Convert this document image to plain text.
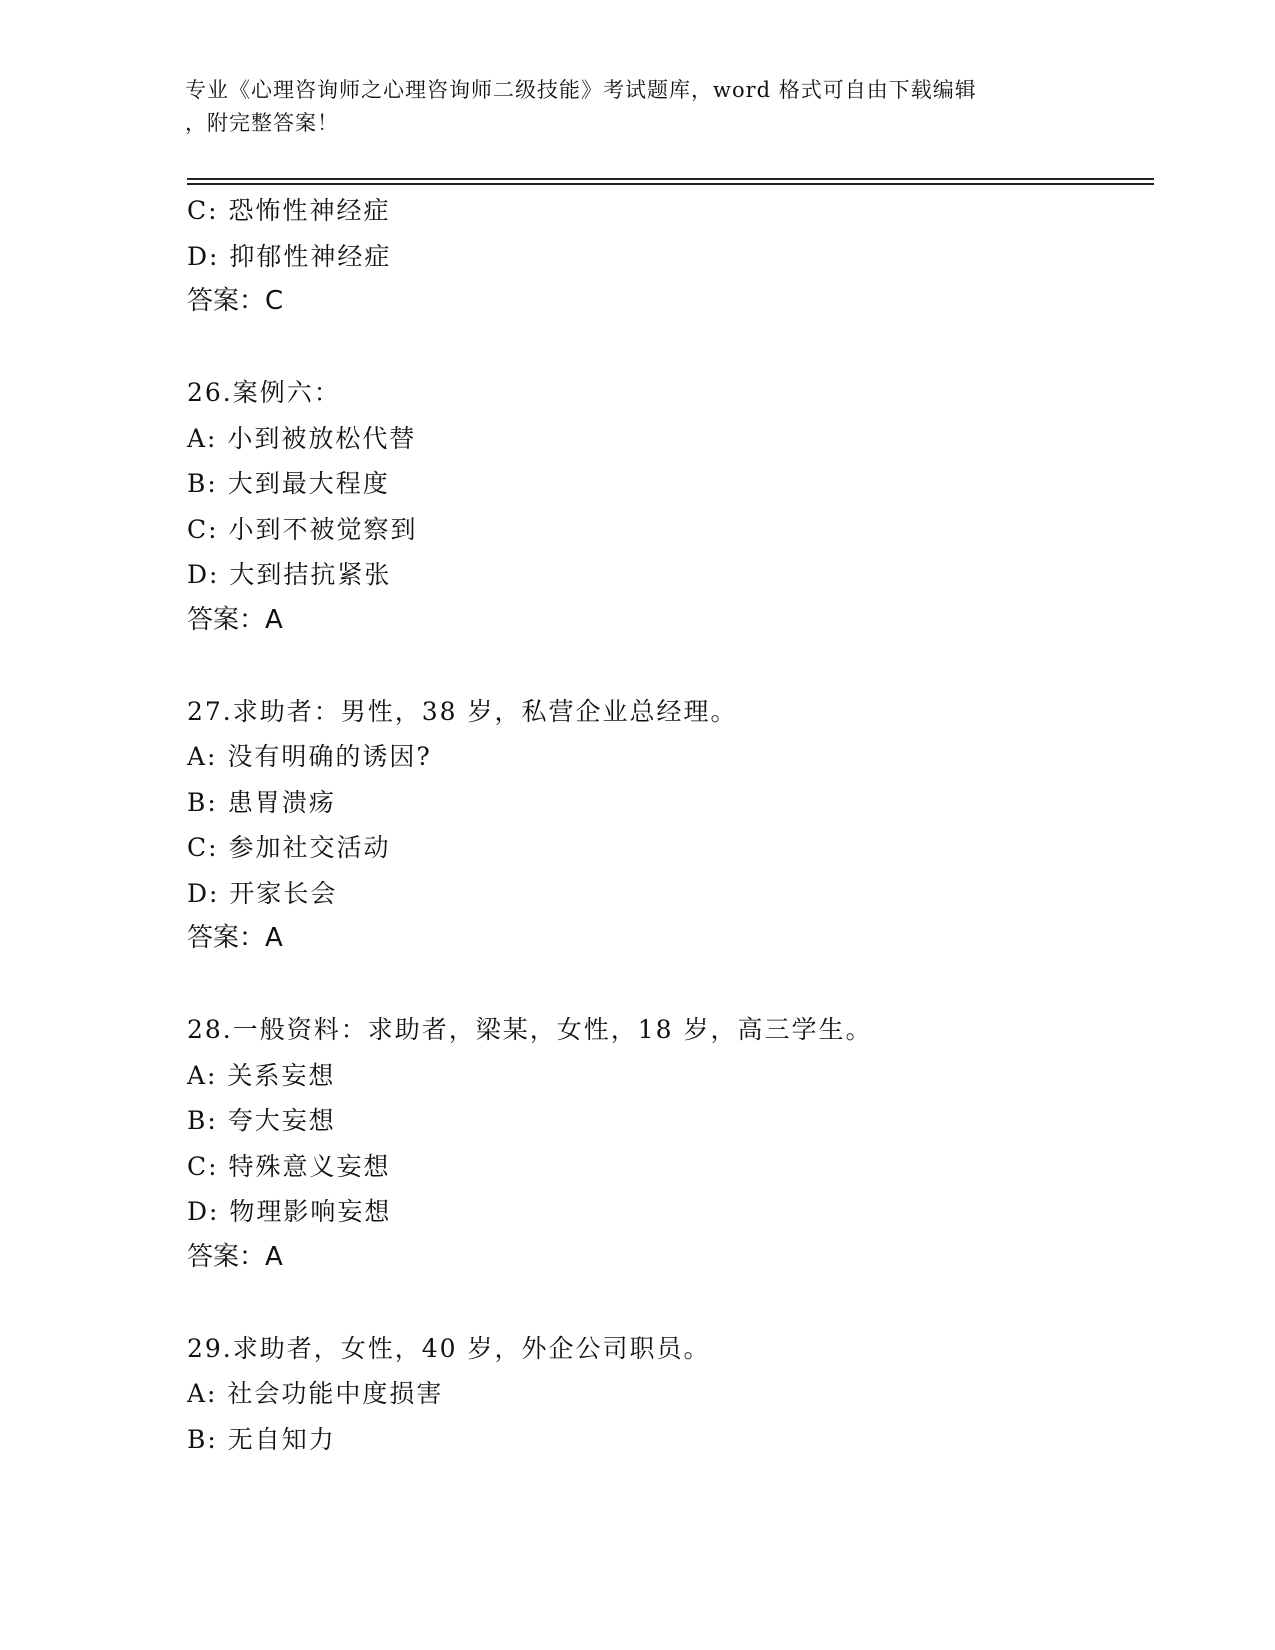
专业《心理咨询师之心理咨询师二级技能》考试题库，word 格式可自由下载编辑
，附完整答案！
C: 恐怖性神经症
D: 抑郁性神经症
答案：C
26.案例六：
A: 小到被放松代替
B: 大到最大程度
C: 小到不被觉察到
D: 大到拮抗紧张
答案：A
27.求助者：男性，38 岁，私营企业总经理。
A: 没有明确的诱因?
B: 患胃溃疡
C: 参加社交活动
D: 开家长会
答案：A
28.一般资料：求助者，梁某，女性，18 岁，高三学生。
A: 关系妄想
B: 夸大妄想
C: 特殊意义妄想
D: 物理影响妄想
答案：A
29.求助者，女性，40 岁，外企公司职员。
A: 社会功能中度损害
B: 无自知力
